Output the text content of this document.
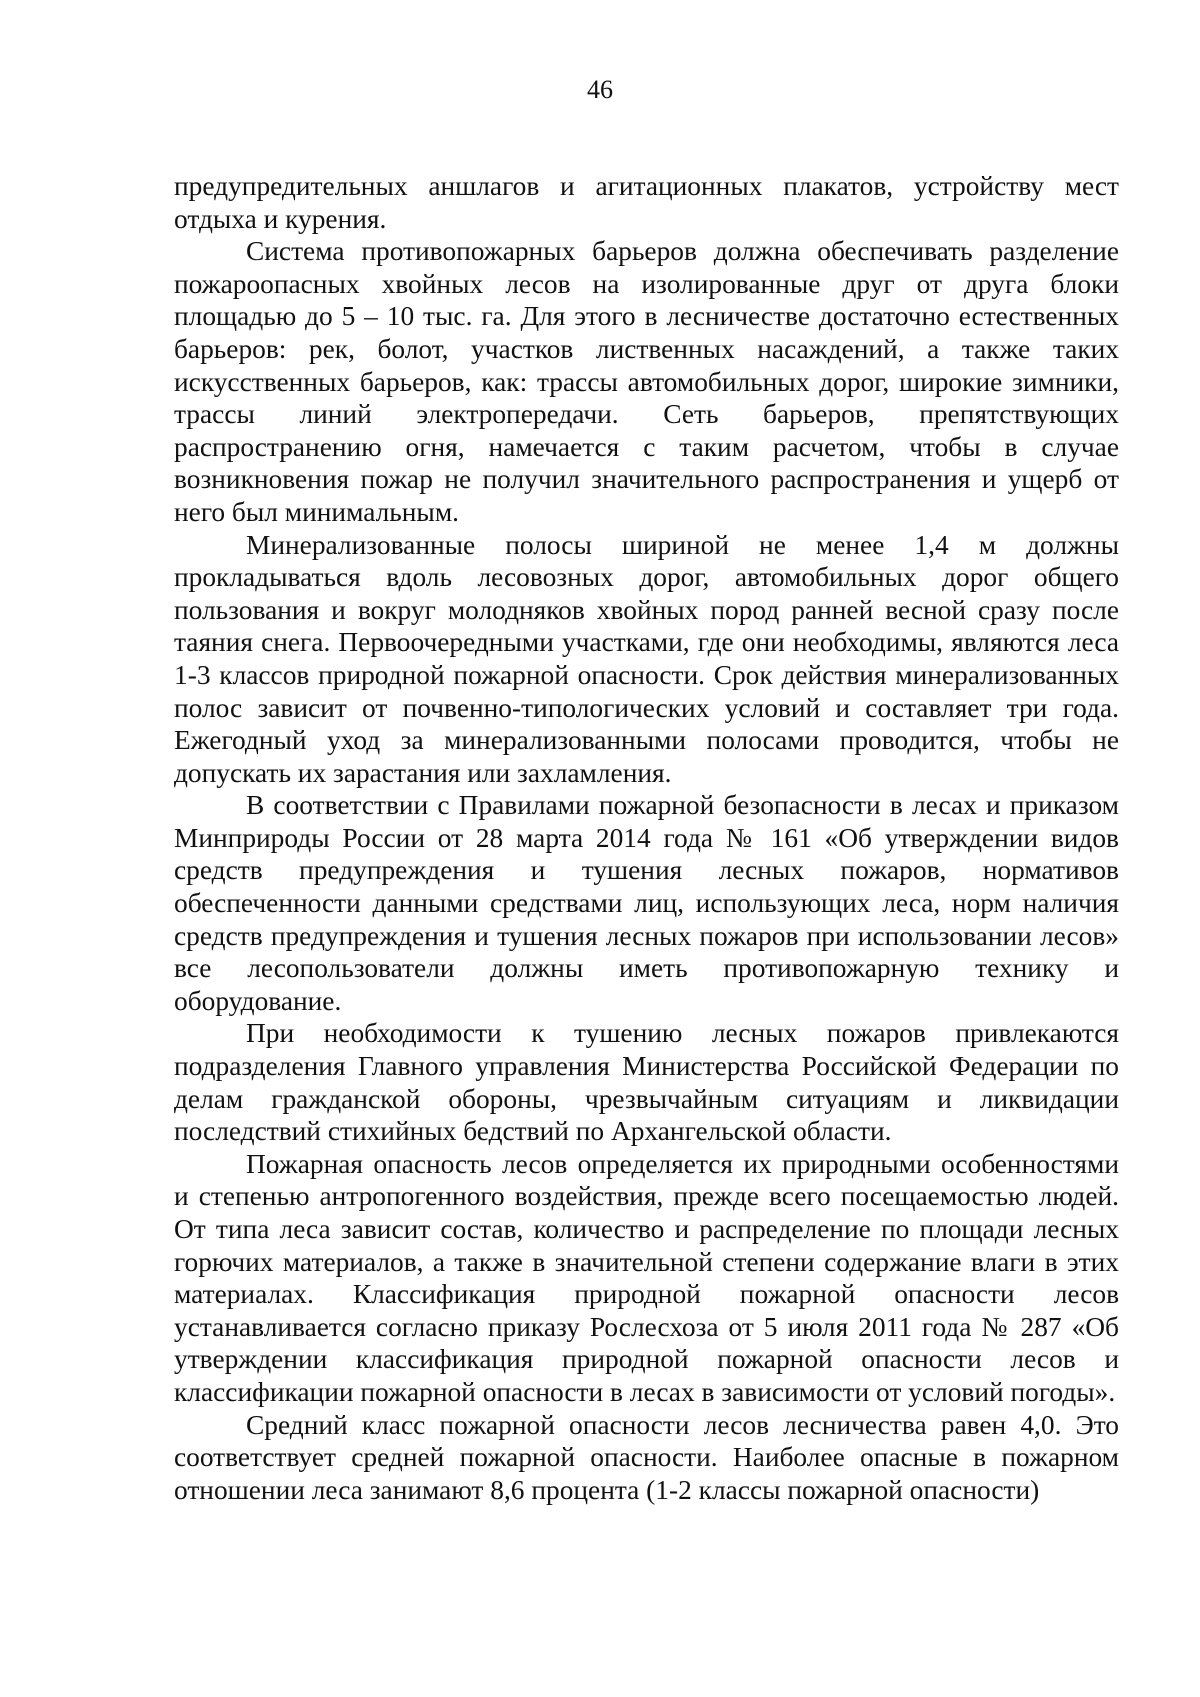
46

предупредительных аншлагов и агитационных плакатов, устройству мест отдыха и курения.

Система противопожарных барьеров должна обеспечивать разделение пожароопасных хвойных лесов на изолированные друг от друга блоки площадью до 5 – 10 тыс. га. Для этого в лесничестве достаточно естественных барьеров: рек, болот, участков лиственных насаждений, а также таких искусственных барьеров, как: трассы автомобильных дорог, широкие зимники, трассы линий электропередачи. Сеть барьеров, препятствующих распространению огня, намечается с таким расчетом, чтобы в случае возникновения пожар не получил значительного распространения и ущерб от него был минимальным.

Минерализованные полосы шириной не менее 1,4 м должны прокладываться вдоль лесовозных дорог, автомобильных дорог общего пользования и вокруг молодняков хвойных пород ранней весной сразу после таяния снега. Первоочередными участками, где они необходимы, являются леса 1-3 классов природной пожарной опасности. Срок действия минерализованных полос зависит от почвенно-типологических условий и составляет три года. Ежегодный уход за минерализованными полосами проводится, чтобы не допускать их зарастания или захламления.

В соответствии с Правилами пожарной безопасности в лесах и приказом Минприроды России от 28 марта 2014 года № 161 «Об утверждении видов средств предупреждения и тушения лесных пожаров, нормативов обеспеченности данными средствами лиц, использующих леса, норм наличия средств предупреждения и тушения лесных пожаров при использовании лесов» все лесопользователи должны иметь противопожарную технику и оборудование.

При необходимости к тушению лесных пожаров привлекаются подразделения Главного управления Министерства Российской Федерации по делам гражданской обороны, чрезвычайным ситуациям и ликвидации последствий стихийных бедствий по Архангельской области.

Пожарная опасность лесов определяется их природными особенностями и степенью антропогенного воздействия, прежде всего посещаемостью людей. От типа леса зависит состав, количество и распределение по площади лесных горючих материалов, а также в значительной степени содержание влаги в этих материалах. Классификация природной пожарной опасности лесов устанавливается согласно приказу Рослесхоза от 5 июля 2011 года № 287 «Об утверждении классификация природной пожарной опасности лесов и классификации пожарной опасности в лесах в зависимости от условий погоды».

Средний класс пожарной опасности лесов лесничества равен 4,0. Это соответствует средней пожарной опасности. Наиболее опасные в пожарном отношении леса занимают 8,6 процента (1-2 классы пожарной опасности)
